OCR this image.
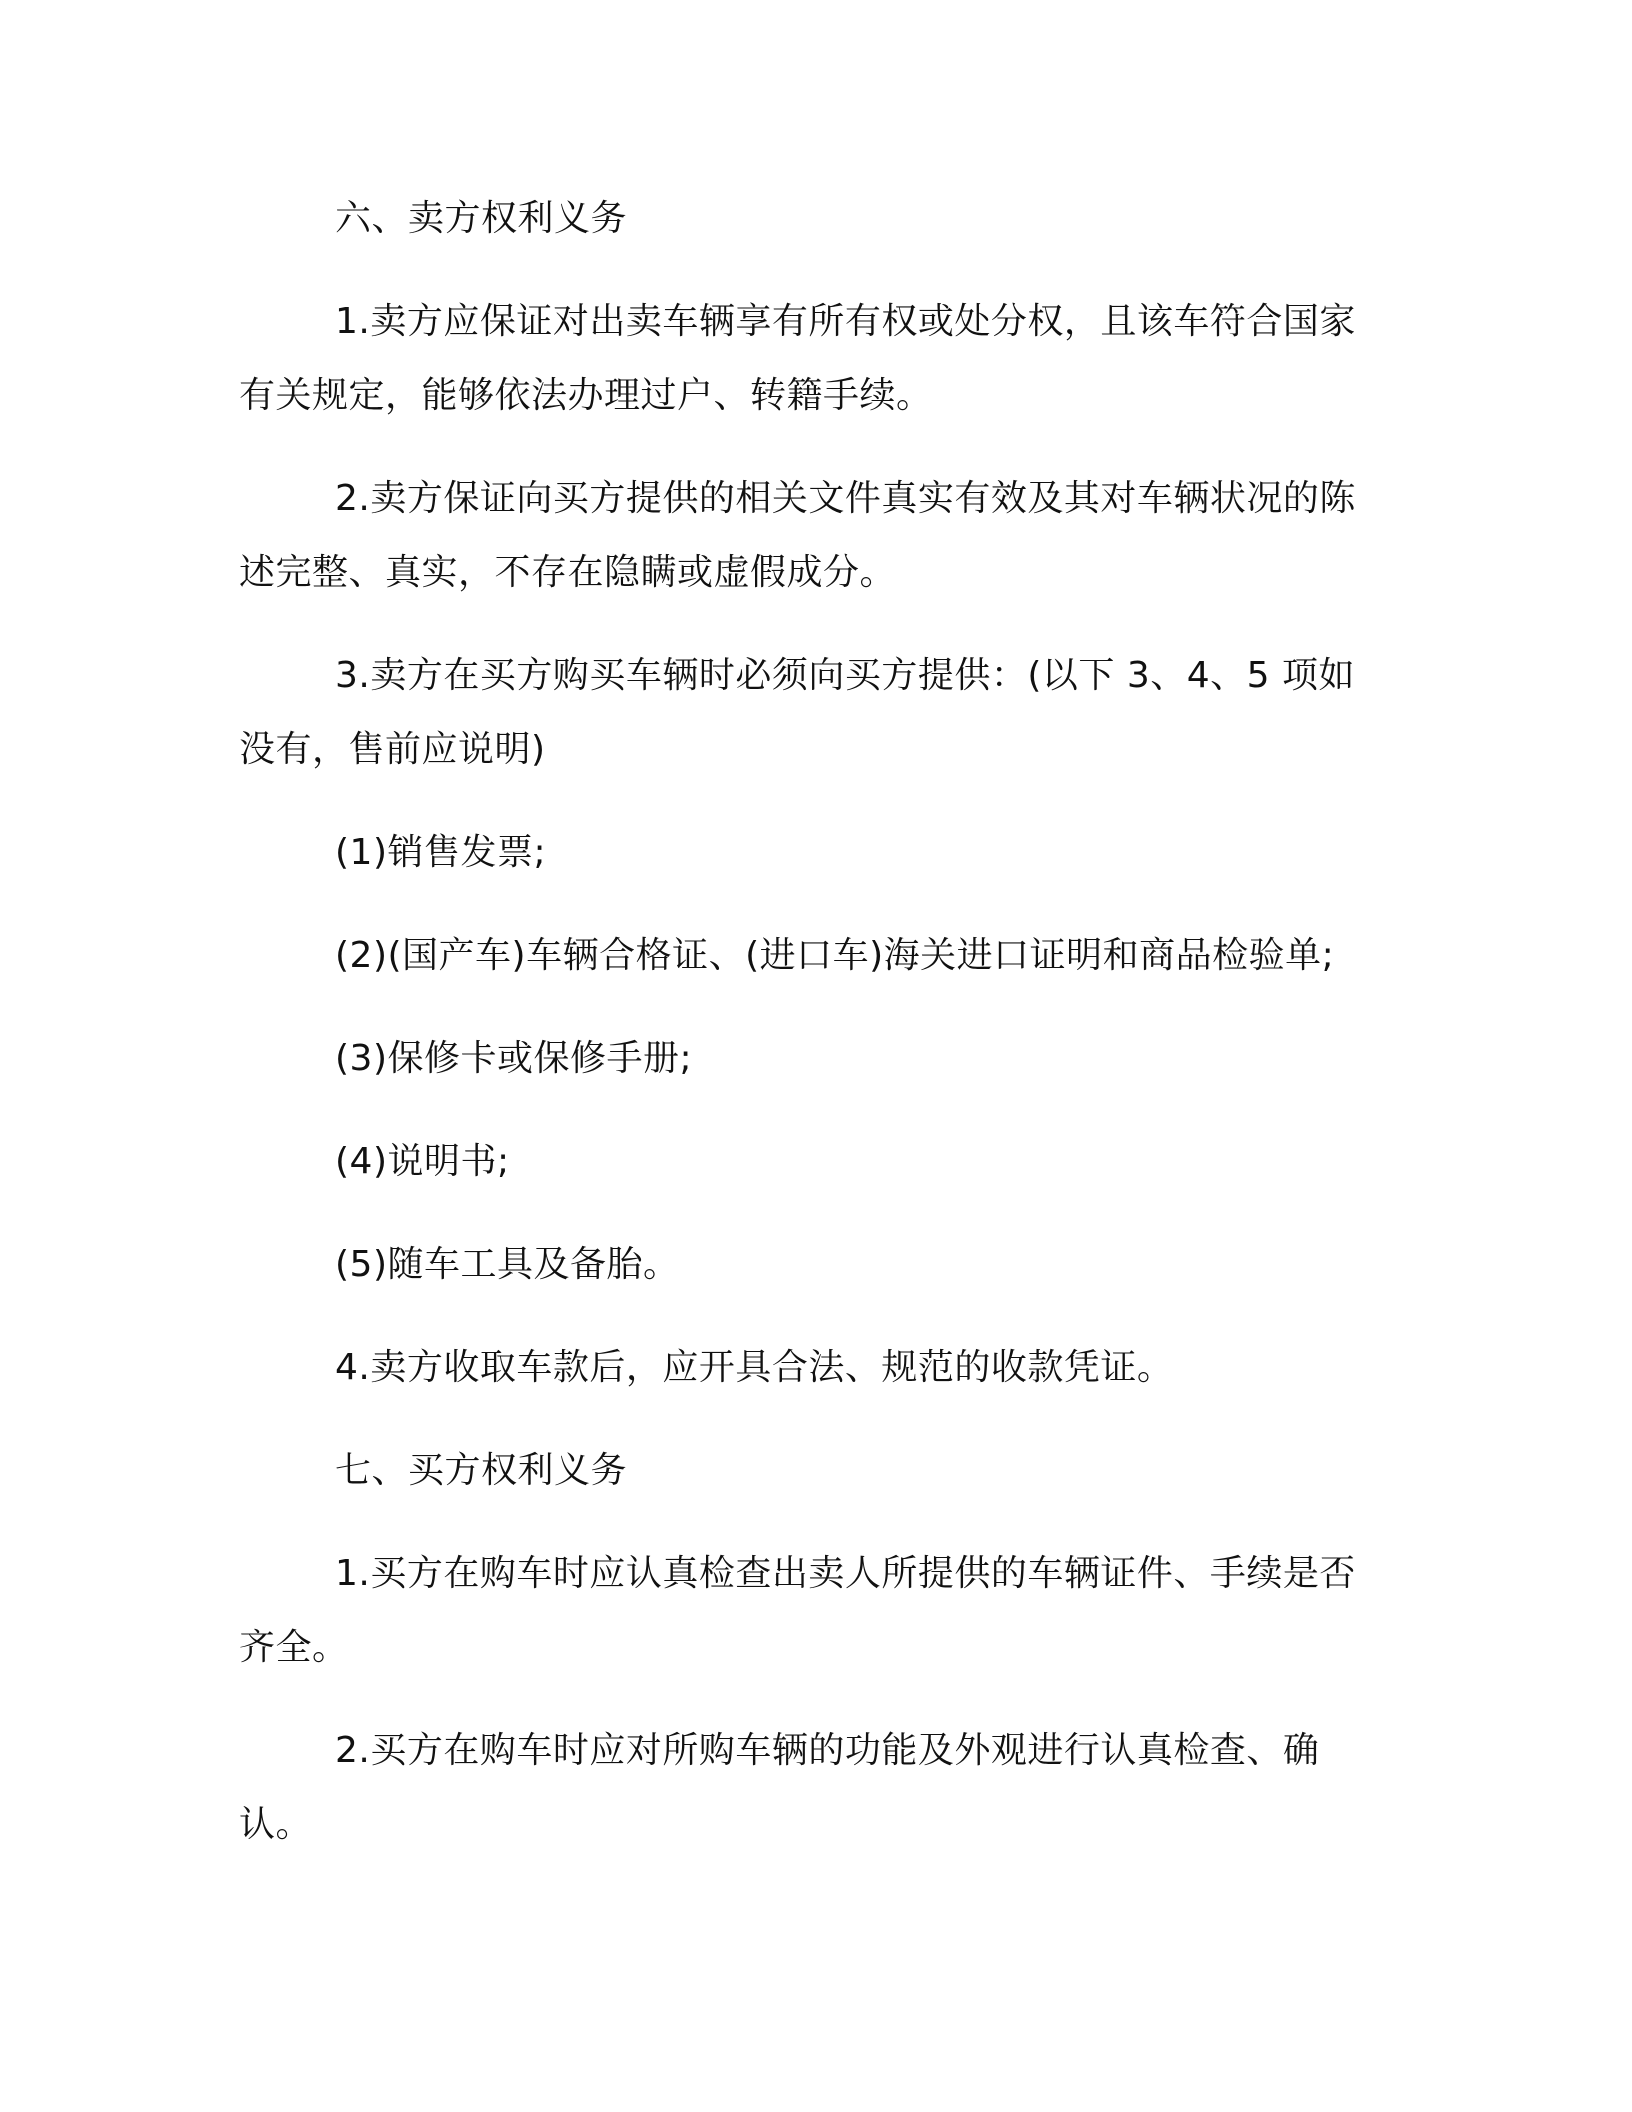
六、卖方权利义务

1.卖方应保证对出卖车辆享有所有权或处分权，且该车符合国家有关规定，能够依法办理过户、转籍手续。

2.卖方保证向买方提供的相关文件真实有效及其对车辆状况的陈述完整、真实，不存在隐瞒或虚假成分。

3.卖方在买方购买车辆时必须向买方提供：(以下 3、4、5 项如没有，售前应说明)

(1)销售发票;

(2)(国产车)车辆合格证、(进口车)海关进口证明和商品检验单;

(3)保修卡或保修手册;

(4)说明书;

(5)随车工具及备胎。

4.卖方收取车款后，应开具合法、规范的收款凭证。

七、买方权利义务

1.买方在购车时应认真检查出卖人所提供的车辆证件、手续是否齐全。

2.买方在购车时应对所购车辆的功能及外观进行认真检查、确认。
